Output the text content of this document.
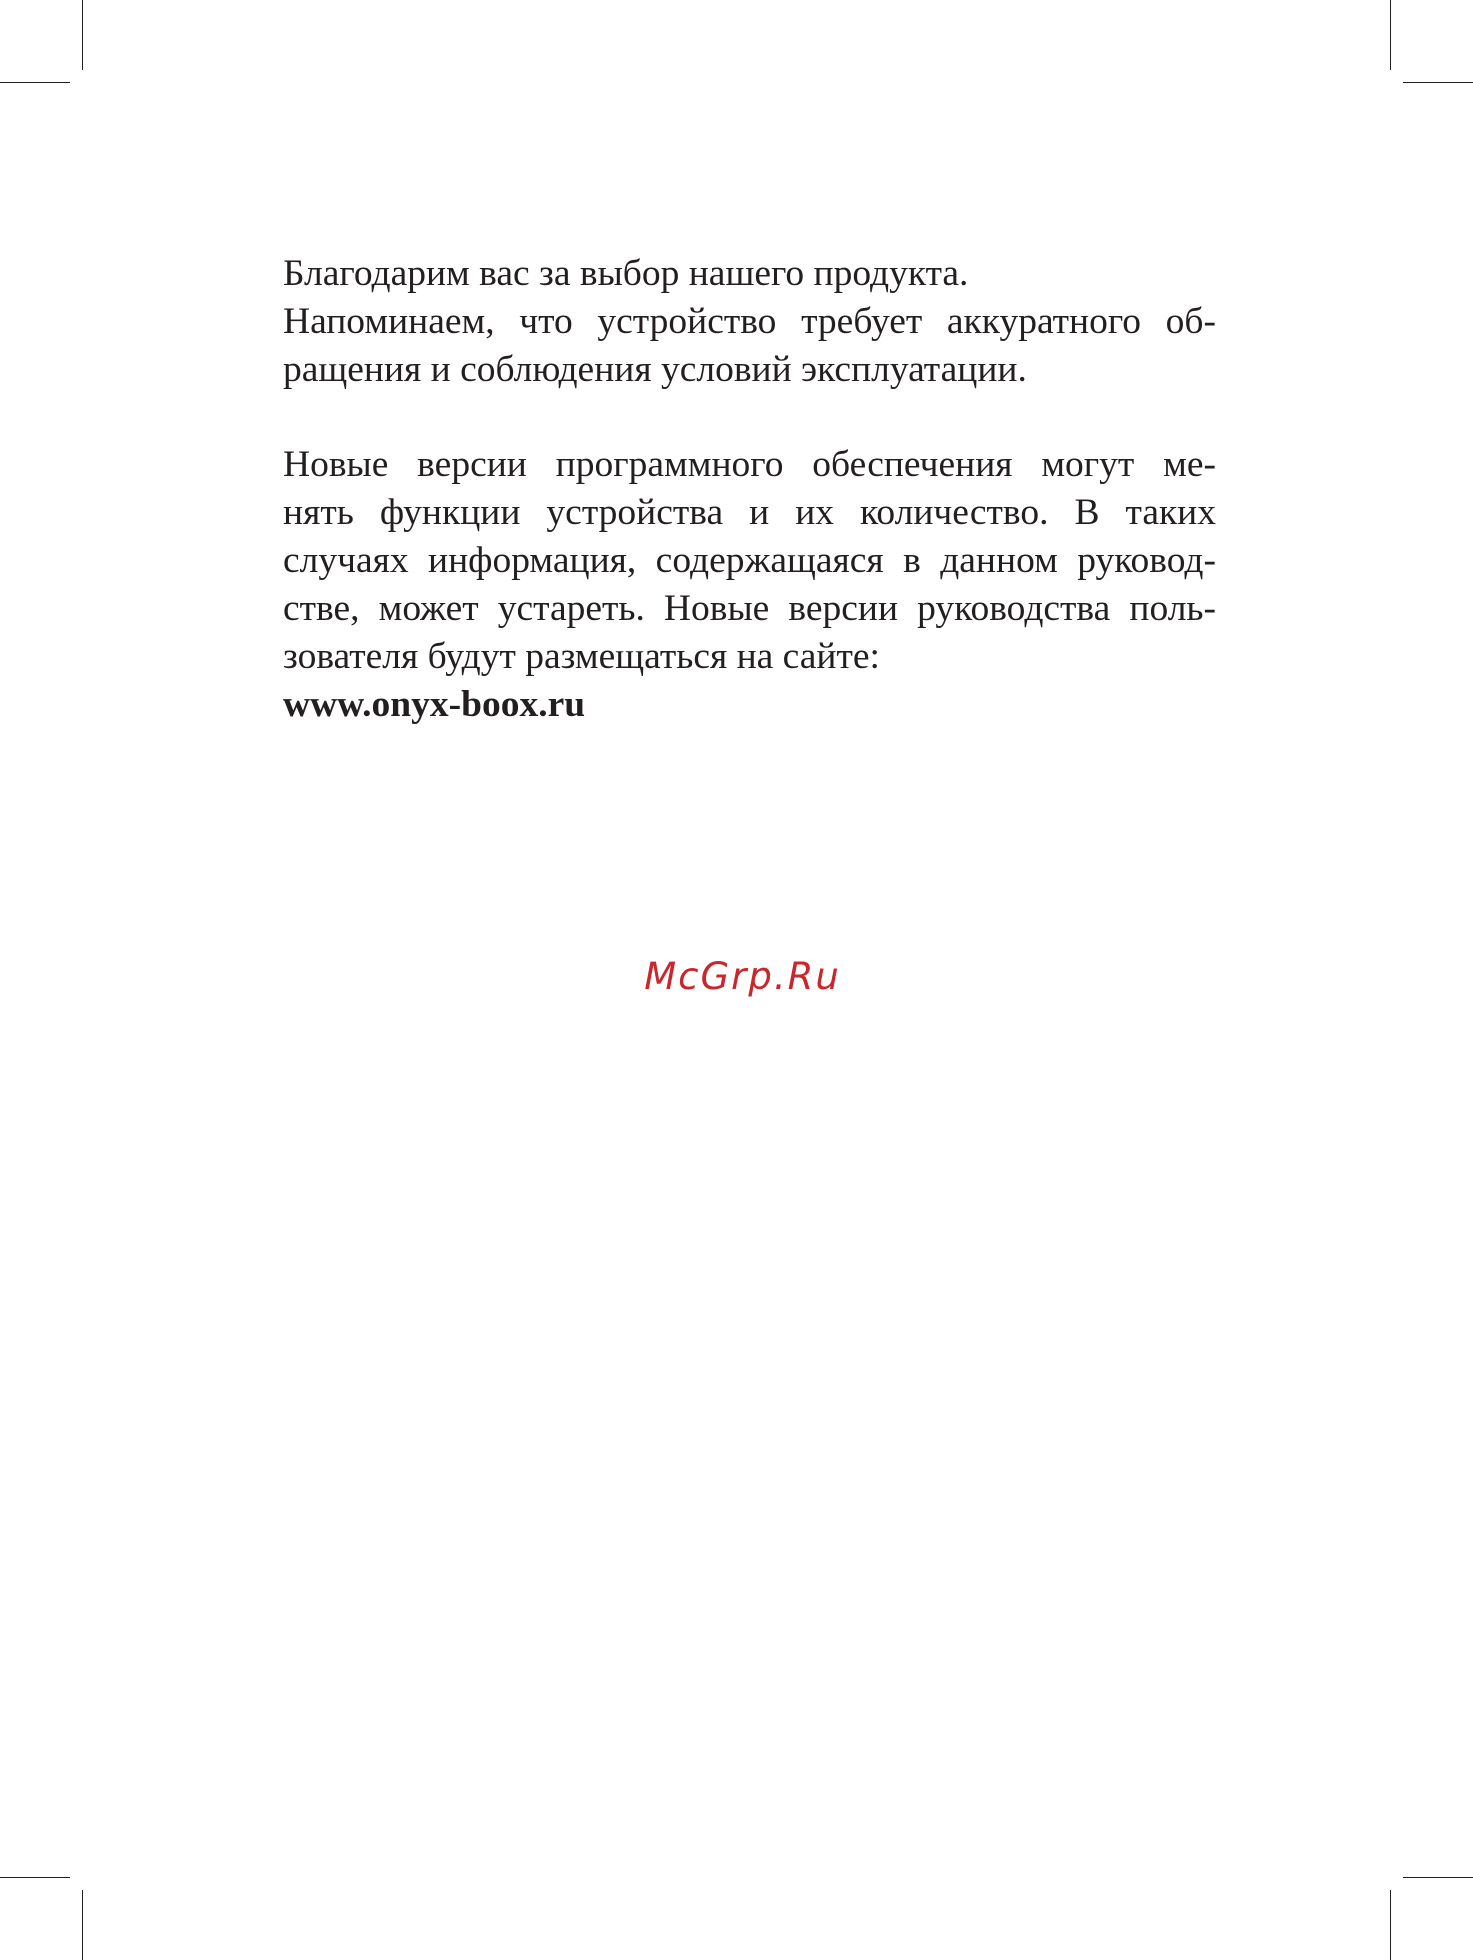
Благодарим вас за выбор нашего продукта.

Напоминаем, что устройство требует аккуратного об-

ращения и соблюдения условий эксплуатации.

Новые версии программного обеспечения могут ме-

нять функции устройства и их количество. В таких

случаях информация, содержащаяся в данном руковод-

стве, может устареть. Новые версии руководства поль-

зователя будут размещаться на сайте:

www.onyx-boox.ru

McGrp.Ru
